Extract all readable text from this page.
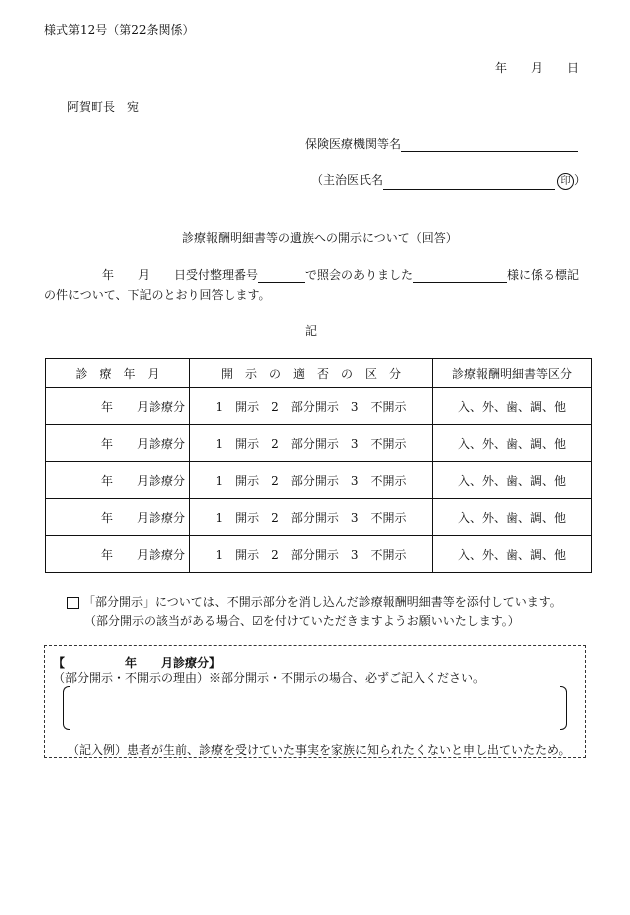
様式第12号（第22条関係）
年　　月　　日
阿賀町長　宛
保険医療機関等名
（主治医氏名	印 ）
診療報酬明細書等の遺族への開示について（回答）
年　　月　　日受付整理番号	で照会のありました	様に係る標記
の件について、下記のとおり回答します。
記
診　療　年　月	開　示　の　適　否　の　区　分	診療報酬明細書等区分
年　　月診療分	1　開示　2　部分開示　3　不開示	入、外、歯、調、他
年　　月診療分	1　開示　2　部分開示　3　不開示	入、外、歯、調、他
年　　月診療分	1　開示　2　部分開示　3　不開示	入、外、歯、調、他
年　　月診療分	1　開示　2　部分開示　3　不開示	入、外、歯、調、他
年　　月診療分	1　開示　2　部分開示　3　不開示	入、外、歯、調、他
「部分開示」については、不開示部分を消し込んだ診療報酬明細書等を添付しています。
（部分開示の該当がある場合、☑を付けていただきますようお願いいたします。）
【　　　　　年　　月診療分】
（部分開示・不開示の理由）※部分開示・不開示の場合、必ずご記入ください。
（記入例）患者が生前、診療を受けていた事実を家族に知られたくないと申し出ていたため。
